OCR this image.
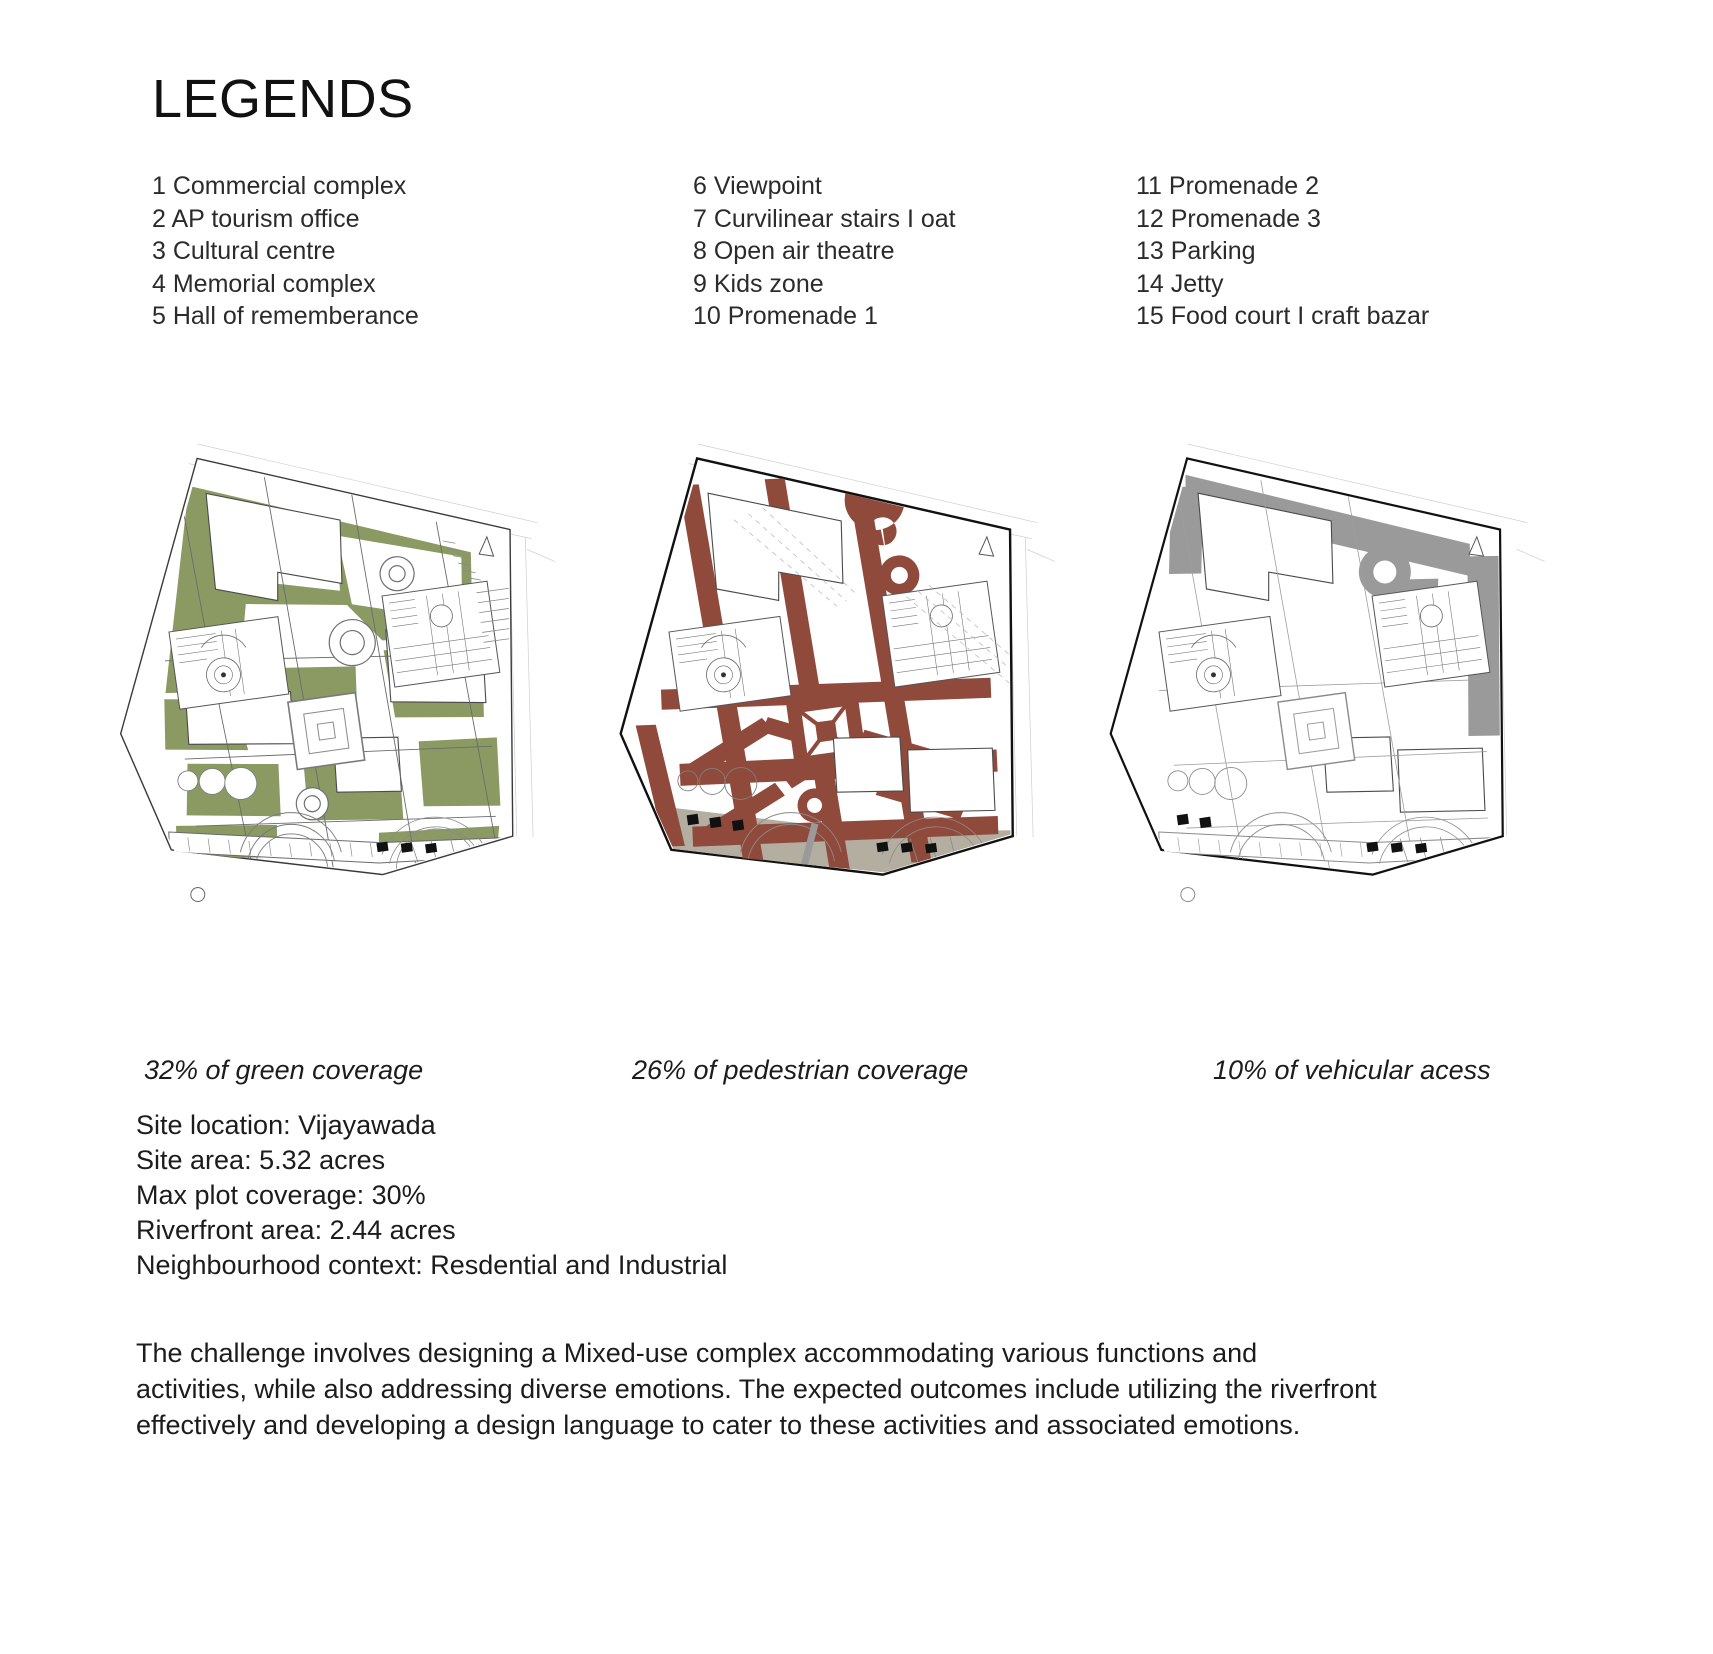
LEGENDS
1 Commercial complex
2 AP tourism office
3 Cultural centre
4 Memorial complex
5 Hall of rememberance
6 Viewpoint
7 Curvilinear stairs I oat
8 Open air theatre
9 Kids zone
10 Promenade 1
11 Promenade 2
12 Promenade 3
13 Parking
14 Jetty
15 Food court I craft bazar
32% of green coverage	26% of pedestrian coverage	10% of vehicular acess
Site location: Vijayawada
Site area: 5.32 acres
Max plot coverage: 30%
Riverfront area: 2.44 acres
Neighbourhood context: Resdential and Industrial
The challenge involves designing a Mixed-use complex accommodating various functions and
activities, while also addressing diverse emotions. The expected outcomes include utilizing the riverfront
effectively and developing a design language to cater to these activities and associated emotions.
